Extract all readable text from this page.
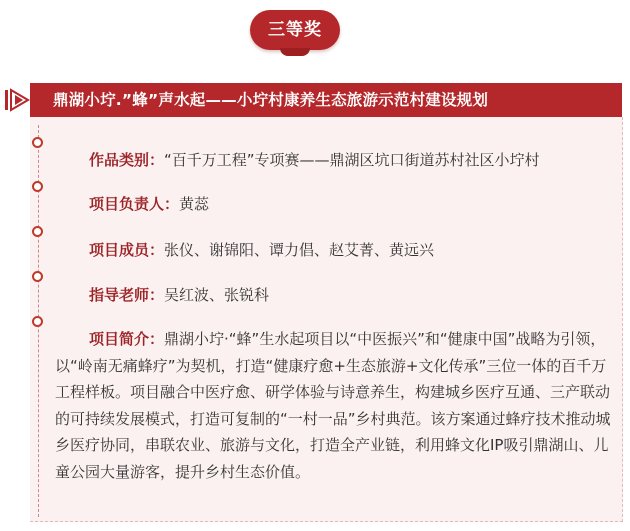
三等奖
鼎湖小坾.”蜂”声水起——小坾村康养生态旅游示范村建设规划
作品类别：“百千万工程”专项赛——鼎湖区坑口街道苏村社区小坾村
项目负责人：黄蕊
项目成员：张仪、谢锦阳、谭力倡、赵艾菁、黄远兴
指导老师：吴红波、张锐科
项目简介：鼎湖小坾·“蜂”生水起项目以“中医振兴”和“健康中国”战略为引领，以“岭南无痛蜂疗”为契机，打造“健康疗愈+生态旅游+文化传承”三位一体的百千万工程样板。项目融合中医疗愈、研学体验与诗意养生，构建城乡医疗互通、三产联动的可持续发展模式，打造可复制的“一村一品”乡村典范。该方案通过蜂疗技术推动城乡医疗协同，串联农业、旅游与文化，打造全产业链，利用蜂文化IP吸引鼎湖山、儿童公园大量游客，提升乡村生态价值。
